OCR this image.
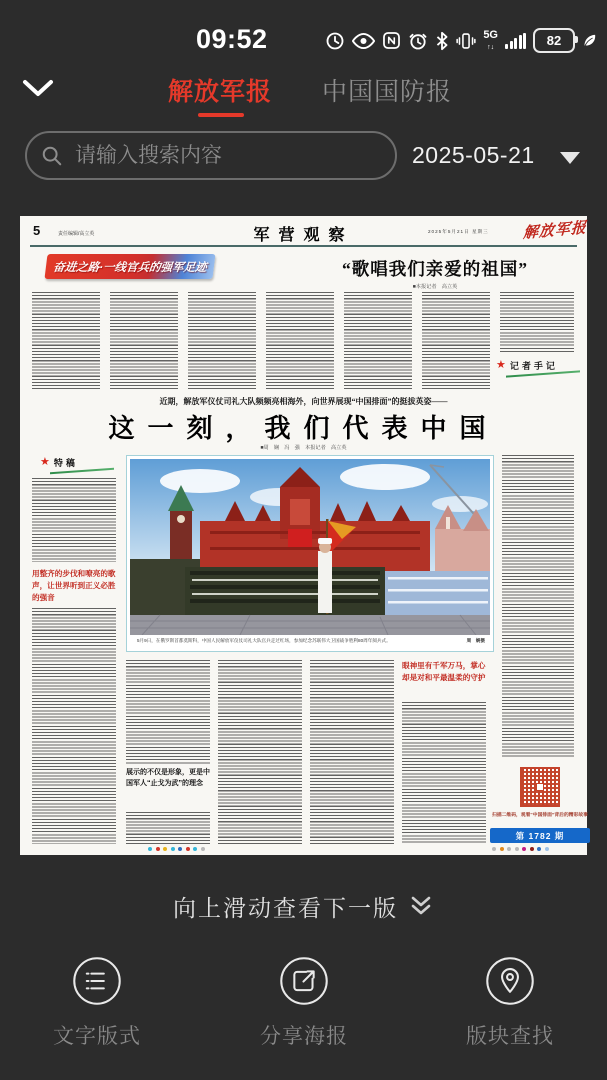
09:52	5G
↑↓	82
解放军报 中国国防报
请输入搜索内容
2025-05-21
5	责任编辑/高立英	军营观察	2025年5月21日 星期三 解放军报
奋进之路·一线官兵的强军足迹	“歌唱我们亲爱的祖国”
■本报记者　高立英
★ 记者手记
近期，解放军仪仗司礼大队频频亮相海外，向世界展现“中国排面”的挺拔英姿——
这一刻，我们代表中国
■周　娴　冯　强　本报记者　高立英
★ 特稿
用整齐的步伐和嘹亮的歌声，让世界听到正义必胜的强音
周　娴摄
5月9日，在俄罗斯首都莫斯科，中国人民解放军仪仗司礼大队官兵走过红场，参加纪念苏联伟大卫国战争胜利80周年阅兵式。
展示的不仅是形象，更是中国军人“止戈为武”的理念
眼神里有千军万马，掌心却是对和平最温柔的守护
扫描二维码，观看“中国排面”背后的精彩故事
第 1782 期
向上滑动查看下一版
文字版式	分享海报	版块查找
